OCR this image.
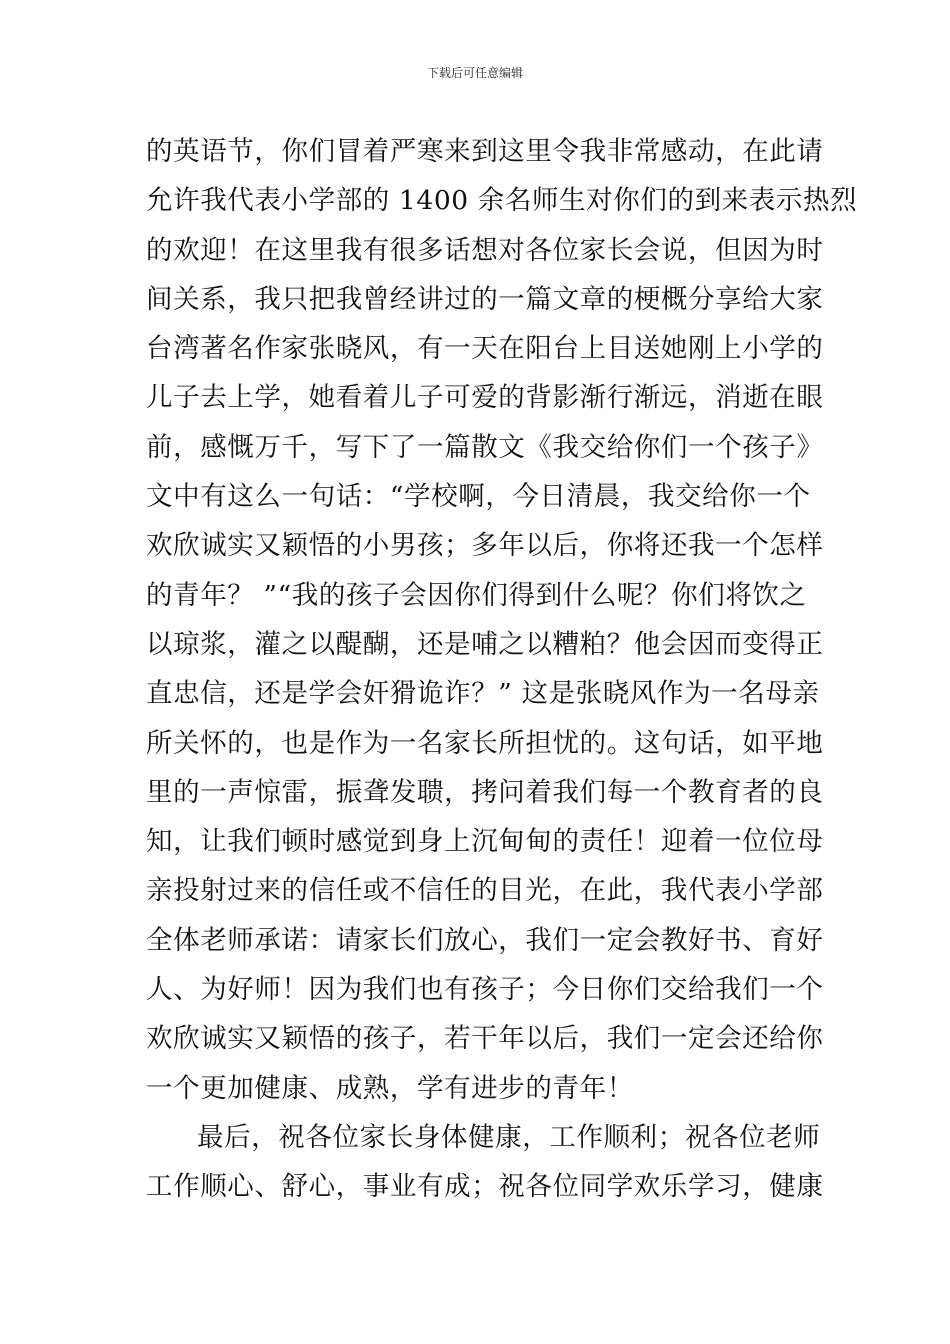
下载后可任意编辑
的英语节，你们冒着严寒来到这里令我非常感动，在此请
允许我代表小学部的 1400 余名师生对你们的到来表示热烈
的欢迎！在这里我有很多话想对各位家长会说，但因为时
间关系，我只把我曾经讲过的一篇文章的梗概分享给大家
台湾著名作家张晓风，有一天在阳台上目送她刚上小学的
儿子去上学，她看着儿子可爱的背影渐行渐远，消逝在眼
前，感慨万千，写下了一篇散文《我交给你们一个孩子》
文中有这么一句话：“学校啊，今日清晨，我交给你一个
欢欣诚实又颖悟的小男孩；多年以后，你将还我一个怎样
的青年？ ”“我的孩子会因你们得到什么呢？你们将饮之
以琼浆，灌之以醍醐，还是哺之以糟粕？他会因而变得正
直忠信，还是学会奸猾诡诈？” 这是张晓风作为一名母亲
所关怀的，也是作为一名家长所担忧的。这句话，如平地
里的一声惊雷，振聋发聩，拷问着我们每一个教育者的良
知，让我们顿时感觉到身上沉甸甸的责任！迎着一位位母
亲投射过来的信任或不信任的目光，在此，我代表小学部
全体老师承诺：请家长们放心，我们一定会教好书、育好
人、为好师！因为我们也有孩子；今日你们交给我们一个
欢欣诚实又颖悟的孩子，若干年以后，我们一定会还给你
一个更加健康、成熟，学有进步的青年！
最后，祝各位家长身体健康，工作顺利；祝各位老师
工作顺心、舒心，事业有成；祝各位同学欢乐学习，健康
